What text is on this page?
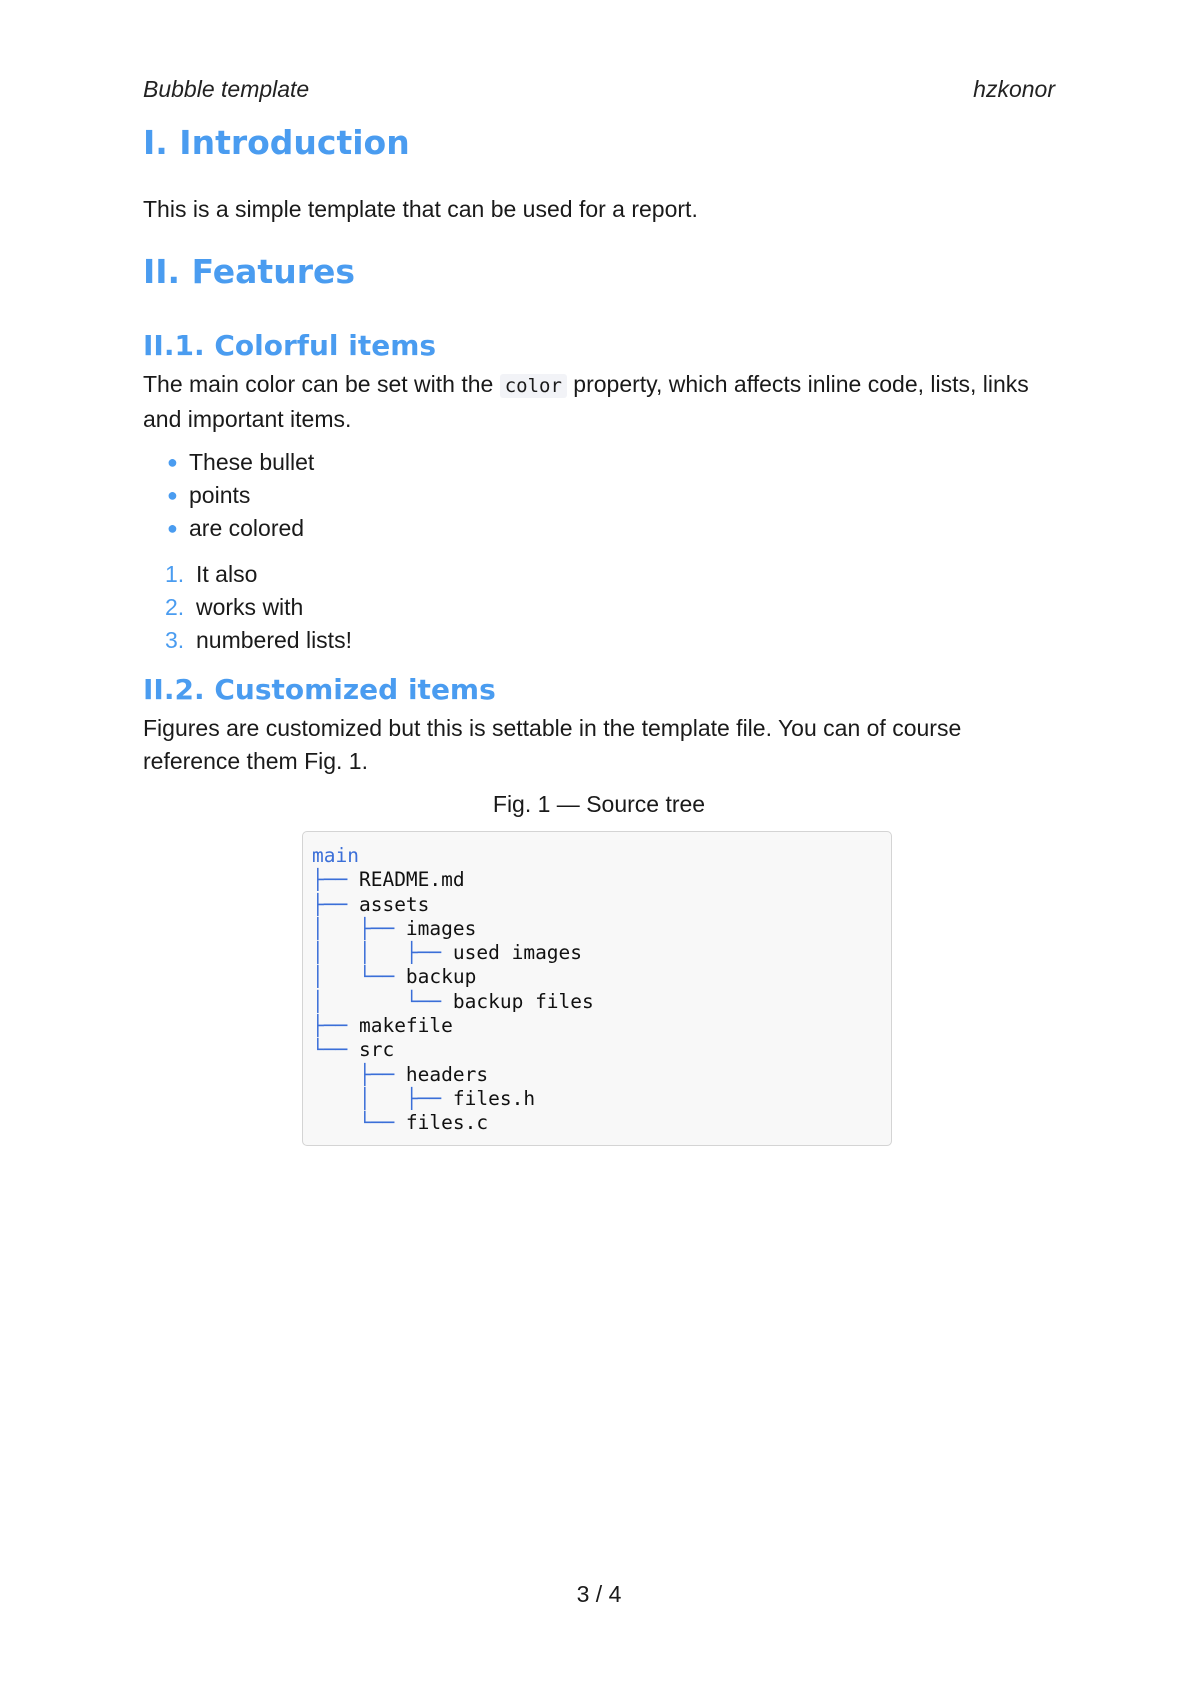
Bubble template	hzkonor
I. Introduction

This is a simple template that can be used for a report.

II. Features
II.1. Colorful items

The main color can be set with the color property, which affects inline code, lists, links and important items.

● These bullet
● points
● are colored
1. It also
2. works with
3. numbered lists!
II.2. Customized items

Figures are customized but this is settable in the template file. You can of course reference them Fig. 1.

Fig. 1 — Source tree
main
├── README.md
├── assets
│   ├── images
│   │   ├── used images
│   └── backup
│       └── backup files
├── makefile
└── src
├── headers
│   ├── files.h
└── files.c
3 / 4
